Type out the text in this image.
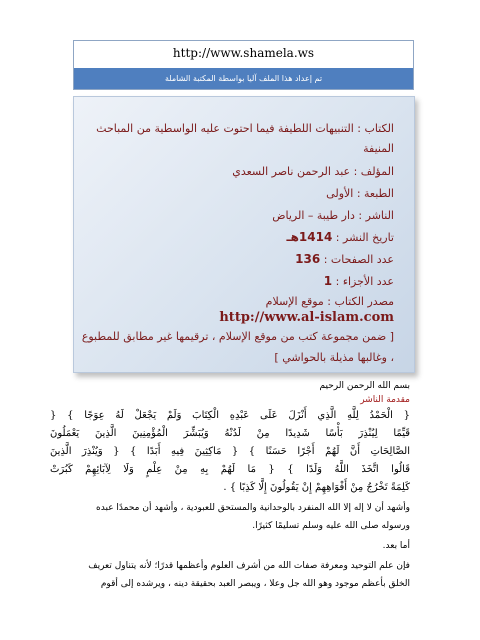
http://www.shamela.ws
تم إعداد هذا الملف آليا بواسطة المكتبة الشاملة
الكتاب : التنبيهات اللطيفة فيما احتوت عليه الواسطية من المباحث المنيفة
المؤلف : عبد الرحمن ناصر السعدي
الطبعة : الأولى
الناشر : دار طيبة – الرياض
تاريخ النشر : 1414هـ
عدد الصفحات : 136
عدد الأجزاء : 1
مصدر الكتاب : موقع الإسلام
http://www.al-islam.com
[ ضمن مجموعة كتب من موقع الإسلام ، ترقيمها غير مطابق للمطبوع
، وغالبها مذيلة بالحواشي ]
بسم الله الرحمن الرحيم
مقدمة الناشر
{ الْحَمْدُ لِلَّهِ الَّذِي أَنْزَلَ عَلَى عَبْدِهِ الْكِتَابَ وَلَمْ يَجْعَلْ لَهُ عِوَجًا } {
قَيِّمًا لِيُنْذِرَ بَأْسًا شَدِيدًا مِنْ لَدُنْهُ وَيُبَشِّرَ الْمُؤْمِنِينَ الَّذِينَ يَعْمَلُونَ
الصَّالِحَاتِ أَنَّ لَهُمْ أَجْرًا حَسَنًا } { مَاكِثِينَ فِيهِ أَبَدًا } { وَيُنْذِرَ الَّذِينَ
قَالُوا اتَّخَذَ اللَّهُ وَلَدًا } { مَا لَهُمْ بِهِ مِنْ عِلْمٍ وَلَا لِآبَائِهِمْ كَبُرَتْ
كَلِمَةً تَخْرُجُ مِنْ أَفْوَاهِهِمْ إِنْ يَقُولُونَ إِلَّا كَذِبًا } .
وأشهد أن لا إله إلا الله المنفرد بالوحدانية والمستحق للعبودية ، وأشهد أن محمدًا عبده
ورسوله صلى الله عليه وسلم تسليمًا كثيرًا.
أما بعد.
فإن علم التوحيد ومعرفة صفات الله من أشرف العلوم وأعظمها قدرًا؛ لأنه يتناول تعريف
الخلق بأعظم موجود وهو الله جل وعلا ، ويبصر العبد بحقيقة دينه ، ويرشده إلى أقوم
